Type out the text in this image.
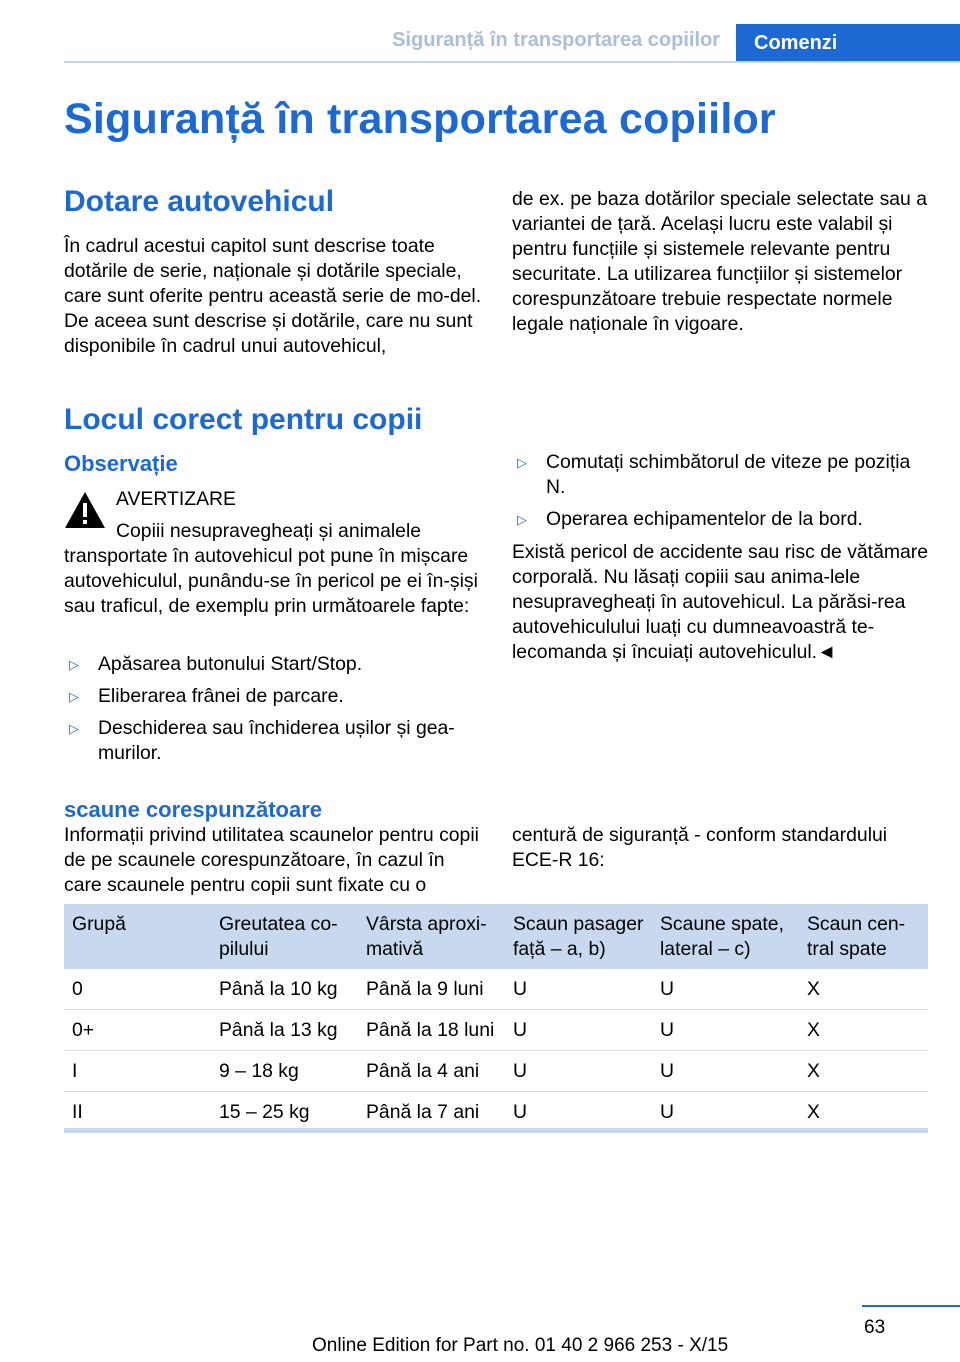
Siguranță în transportarea copiilor	Comenzi
Siguranță în transportarea copiilor
Dotare autovehicul

În cadrul acestui capitol sunt descrise toate dotările de serie, naționale și dotările speciale, care sunt oferite pentru această serie de mo‐del. De aceea sunt descrise și dotările, care nu sunt disponibile în cadrul unui autovehicul,

de ex. pe baza dotărilor speciale selectate sau a variantei de țară. Același lucru este valabil și pentru funcțiile și sistemele relevante pentru securitate. La utilizarea funcțiilor și sistemelor corespunzătoare trebuie respectate normele legale naționale în vigoare.

Locul corect pentru copii
Observație
AVERTIZARE
Copiii nesupravegheați și animalele

transportate în autovehicul pot pune în mișcare autovehiculul, punându-se în pericol pe ei în‐șiși sau traficul, de exemplu prin următoarele fapte:

▷ Apăsarea butonului Start/Stop.
▷ Eliberarea frânei de parcare.
▷ Deschiderea sau închiderea ușilor și gea‐murilor.
▷ Comutați schimbătorul de viteze pe poziția N.
▷ Operarea echipamentelor de la bord.

Există pericol de accidente sau risc de vătămare corporală. Nu lăsați copiii sau anima‐lele nesupravegheați în autovehicul. La părăsi‐rea autovehiculului luați cu dumneavoastră te‐lecomanda și încuiați autovehiculul.◄

scaune corespunzătoare

Informații privind utilitatea scaunelor pentru copii de pe scaunele corespunzătoare, în cazul în care scaunele pentru copii sunt fixate cu o

centură de siguranță - conform standardului ECE-R 16:

Grupă	Greutatea co‐pilului	Vârsta aproxi‐mativă	Scaun pasager față – a, b)	Scaune spate, lateral – c)	Scaun cen‐tral spate
0	Până la 10 kg	Până la 9 luni	U	U	X
0+	Până la 13 kg	Până la 18 luni	U	U	X
I	9 – 18 kg	Până la 4 ani	U	U	X
II	15 – 25 kg	Până la 7 ani	U	U	X
63
Online Edition for Part no. 01 40 2 966 253 - X/15
